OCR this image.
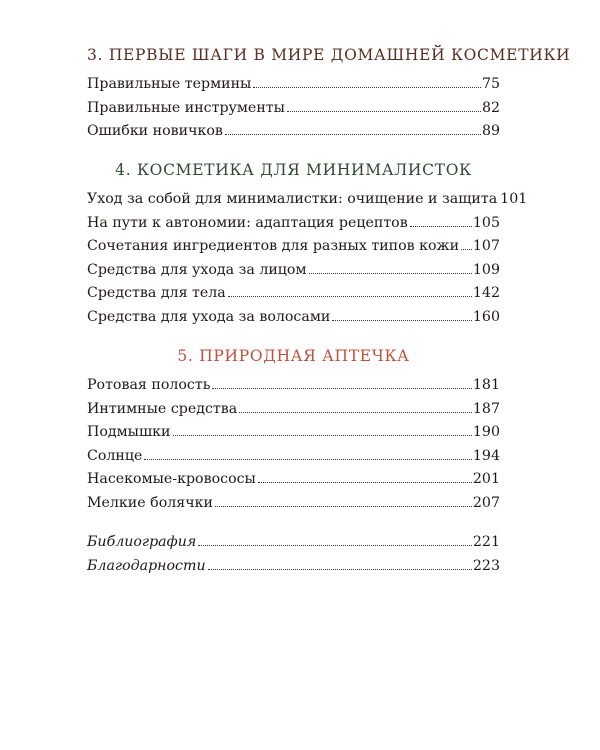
3. ПЕРВЫЕ ШАГИ В МИРЕ ДОМАШНЕЙ КОСМЕТИКИ
Правильные термины	75
Правильные инструменты	82
Ошибки новичков	89
4. КОСМЕТИКА ДЛЯ МИНИМАЛИСТОК
Уход за собой для минималистки: очищение и защита 101
На пути к автономии: адаптация рецептов	105
Сочетания ингредиентов для разных типов кожи 107
Средства для ухода за лицом	109
Средства для тела	142
Средства для ухода за волосами	160
5. ПРИРОДНАЯ АПТЕЧКА
Ротовая полость	181
Интимные средства	187
Подмышки	190
Солнце	194
Насекомые-кровососы	201
Мелкие болячки	207
Библиография	221
Благодарности	223
